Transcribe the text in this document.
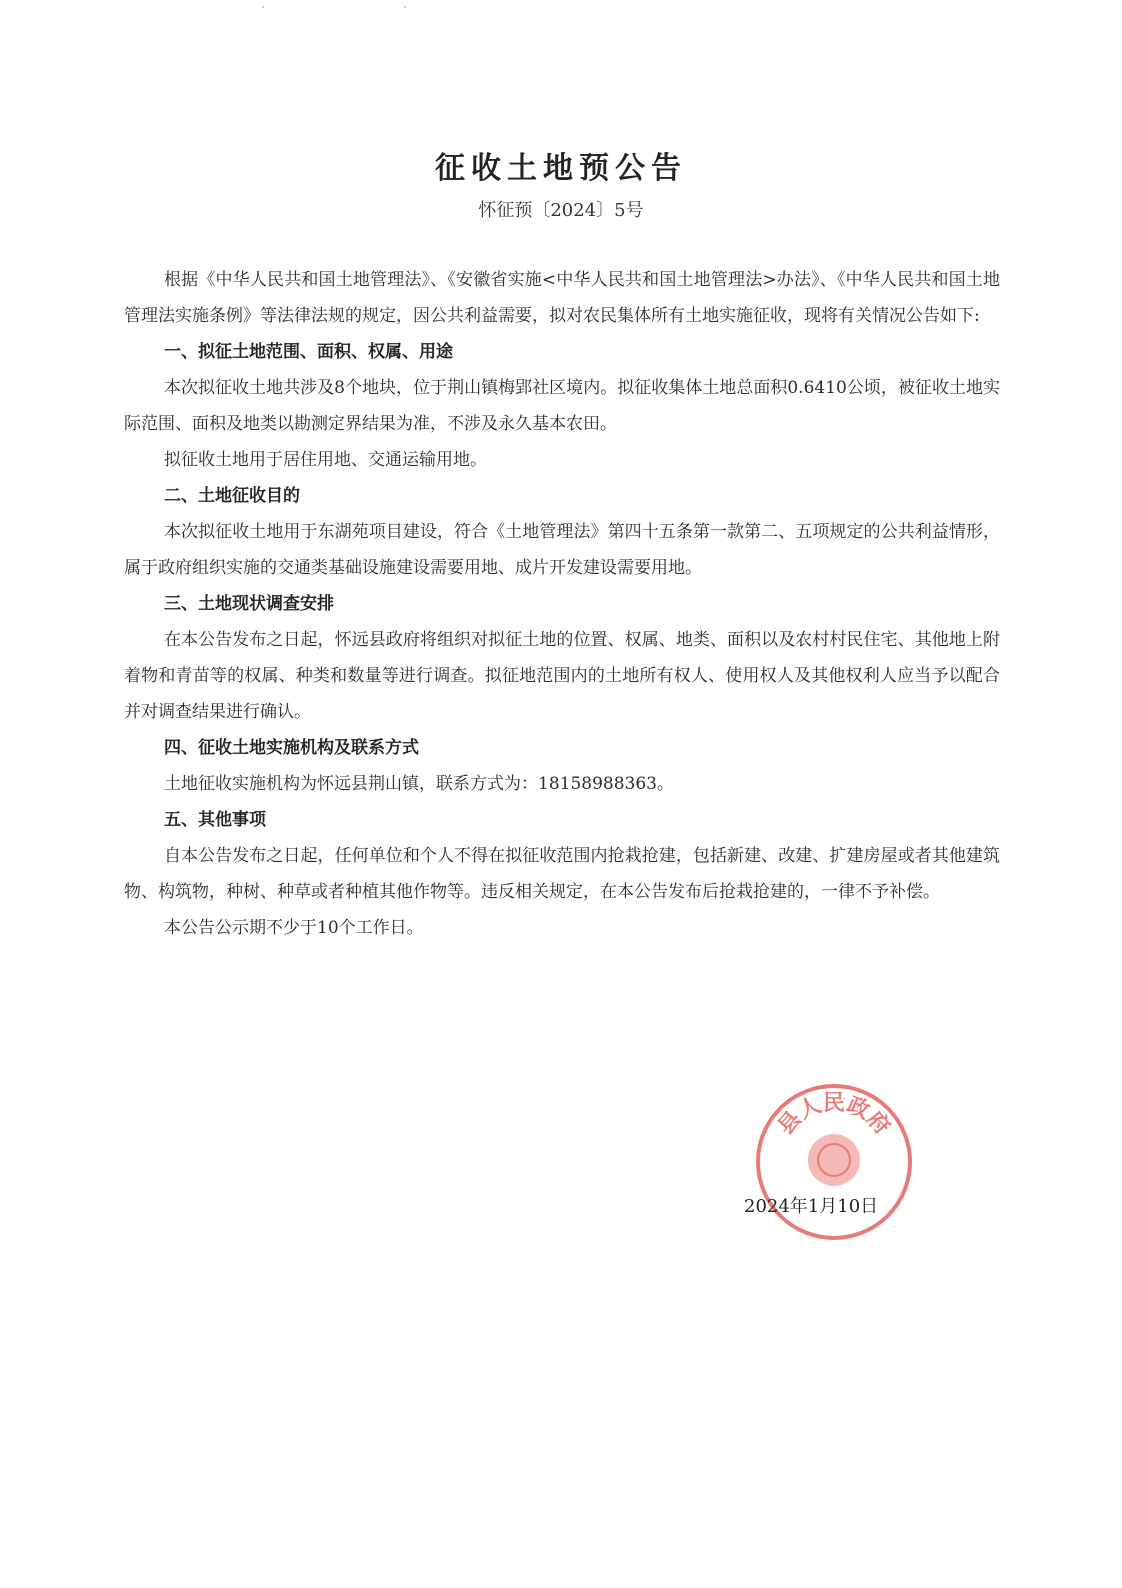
征收土地预公告
怀征预〔2024〕5号

根据《中华人民共和国土地管理法》、《安徽省实施<中华人民共和国土地管理法>办法》、《中华人民共和国土地管理法实施条例》等法律法规的规定，因公共利益需要，拟对农民集体所有土地实施征收，现将有关情况公告如下:

一、拟征土地范围、面积、权属、用途

本次拟征收土地共涉及8个地块，位于荆山镇梅郢社区境内。拟征收集体土地总面积0.6410公顷，被征收土地实际范围、面积及地类以勘测定界结果为准，不涉及永久基本农田。

拟征收土地用于居住用地、交通运输用地。

二、土地征收目的

本次拟征收土地用于东湖苑项目建设，符合《土地管理法》第四十五条第一款第二、五项规定的公共利益情形，属于政府组织实施的交通类基础设施建设需要用地、成片开发建设需要用地。

三、土地现状调查安排

在本公告发布之日起，怀远县政府将组织对拟征土地的位置、权属、地类、面积以及农村村民住宅、其他地上附着物和青苗等的权属、种类和数量等进行调查。拟征地范围内的土地所有权人、使用权人及其他权利人应当予以配合并对调查结果进行确认。

四、征收土地实施机构及联系方式

土地征收实施机构为怀远县荆山镇，联系方式为：18158988363。

五、其他事项

自本公告发布之日起，任何单位和个人不得在拟征收范围内抢栽抢建，包括新建、改建、扩建房屋或者其他建筑物、构筑物，种树、种草或者种植其他作物等。违反相关规定，在本公告发布后抢栽抢建的，一律不予补偿。

本公告公示期不少于10个工作日。

县人民政府
2024年1月10日
